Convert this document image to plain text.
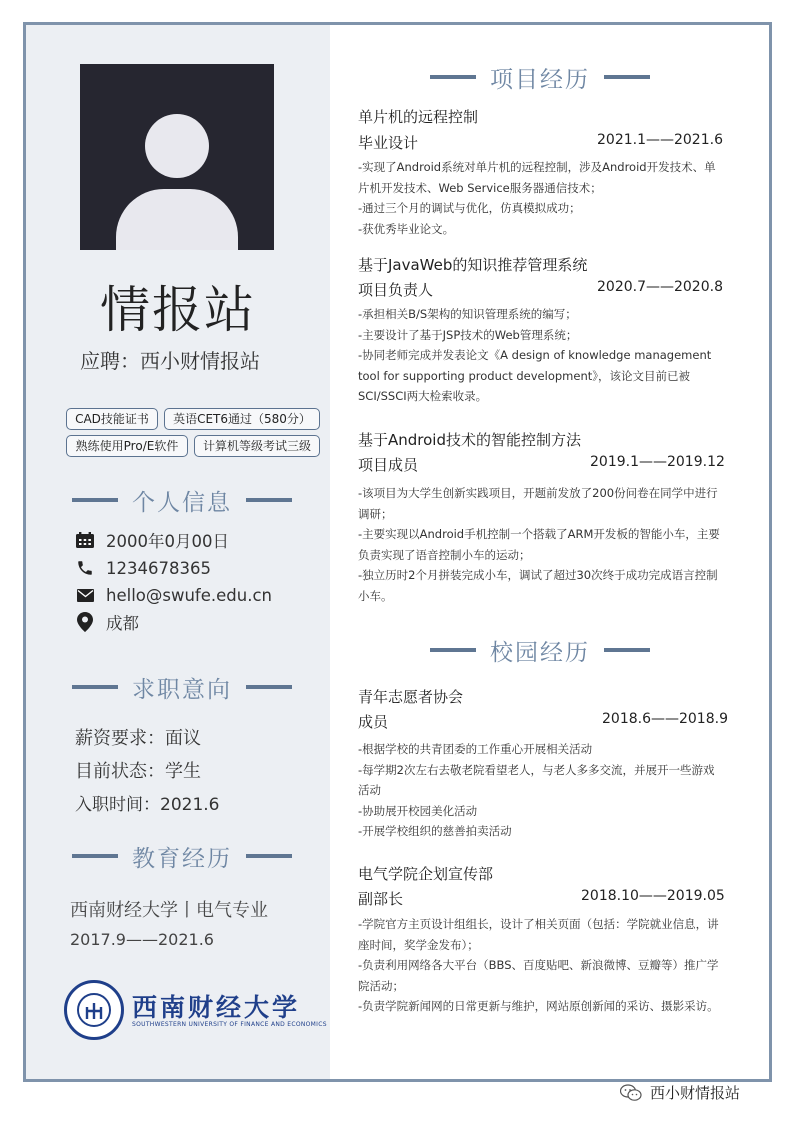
情报站
应聘：西小财情报站
CAD技能证书	英语CET6通过（580分）
熟练使用Pro/E软件	计算机等级考试三级
个人信息
2000年0月00日
1234678365
hello@swufe.edu.cn
成都
求职意向
薪资要求：面议
目前状态：学生
入职时间：2021.6
教育经历
西南财经大学丨电气专业
2017.9——2021.6
西南财经大学
SOUTHWESTERN UNIVERSITY OF FINANCE AND ECONOMICS
项目经历
单片机的远程控制
毕业设计	2021.1——2021.6

-实现了Android系统对单片机的远程控制，涉及Android开发技术、单片机开发技术、Web Service服务器通信技术；

-通过三个月的调试与优化，仿真模拟成功；

-获优秀毕业论文。

基于JavaWeb的知识推荐管理系统
项目负责人	2020.7——2020.8

-承担相关B/S架构的知识管理系统的编写；

-主要设计了基于JSP技术的Web管理系统；

-协同老师完成并发表论文《A design of knowledge management tool for supporting product development》，该论文目前已被SCI/SSCI两大检索收录。

基于Android技术的智能控制方法
项目成员	2019.1——2019.12

-该项目为大学生创新实践项目，开题前发放了200份问卷在同学中进行调研；

-主要实现以Android手机控制一个搭载了ARM开发板的智能小车，主要负责实现了语音控制小车的运动；

-独立历时2个月拼装完成小车，调试了超过30次终于成功完成语言控制小车。

校园经历
青年志愿者协会
成员	2018.6——2018.9

-根据学校的共青团委的工作重心开展相关活动

-每学期2次左右去敬老院看望老人，与老人多多交流，并展开一些游戏活动

-协助展开校园美化活动

-开展学校组织的慈善拍卖活动

电气学院企划宣传部
副部长	2018.10——2019.05

-学院官方主页设计组组长，设计了相关页面（包括：学院就业信息，讲座时间，奖学金发布）；

-负责利用网络各大平台（BBS、百度贴吧、新浪微博、豆瓣等）推广学院活动；

-负责学院新闻网的日常更新与维护，网站原创新闻的采访、摄影采访。

西小财情报站
